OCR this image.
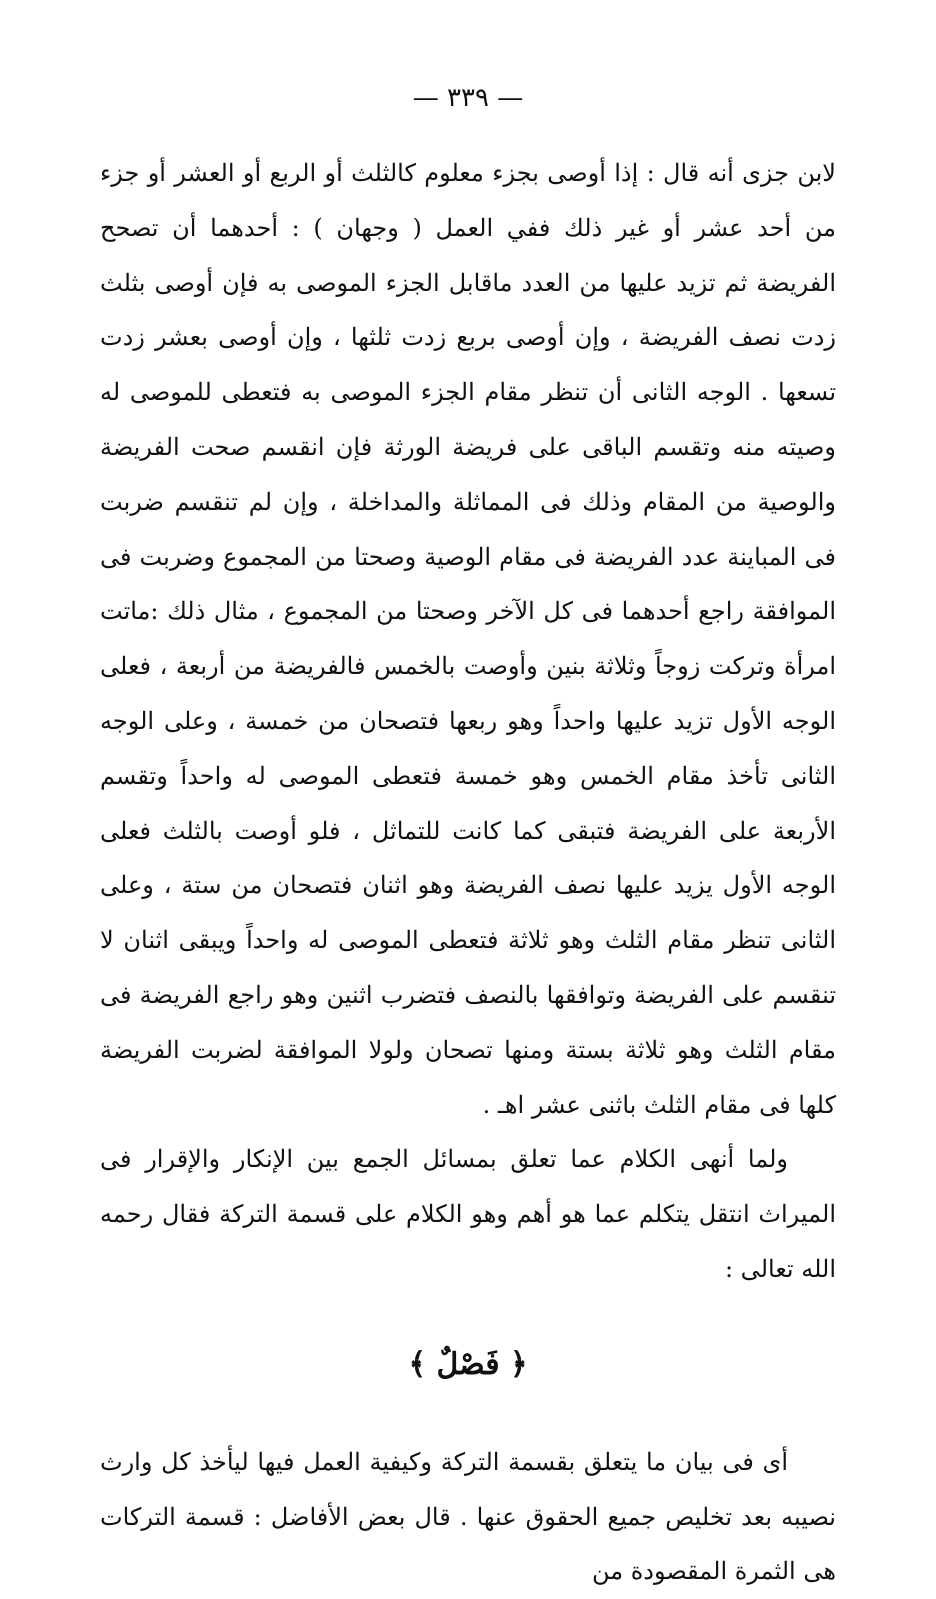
— ٣٣٩ —

لابن جزى أنه قال : إذا أوصى بجزء معلوم كالثلث أو الربع أو العشر أو جزء من أحد عشر أو غير ذلك ففي العمل ( وجهان ) : أحدهما أن تصحح الفريضة ثم تزيد عليها من العدد ماقابل الجزء الموصى به فإن أوصى بثلث زدت نصف الفريضة ، وإن أوصى بربع زدت ثلثها ، وإن أوصى بعشر زدت تسعها . الوجه الثانى أن تنظر مقام الجزء الموصى به فتعطى للموصى له وصيته منه وتقسم الباقى على فريضة الورثة فإن انقسم صحت الفريضة والوصية من المقام وذلك فى المماثلة والمداخلة ، وإن لم تنقسم ضربت فى المباينة عدد الفريضة فى مقام الوصية وصحتا من المجموع وضربت فى الموافقة راجع أحدهما فى كل الآخر وصحتا من المجموع ، مثال ذلك :ماتت امرأة وتركت زوجاً وثلاثة بنين وأوصت بالخمس فالفريضة من أربعة ، فعلى الوجه الأول تزيد عليها واحداً وهو ربعها فتصحان من خمسة ، وعلى الوجه الثانى تأخذ مقام الخمس وهو خمسة فتعطى الموصى له واحداً وتقسم الأربعة على الفريضة فتبقى كما كانت للتماثل ، فلو أوصت بالثلث فعلى الوجه الأول يزيد عليها نصف الفريضة وهو اثنان فتصحان من ستة ، وعلى الثانى تنظر مقام الثلث وهو ثلاثة فتعطى الموصى له واحداً ويبقى اثنان لا تنقسم على الفريضة وتوافقها بالنصف فتضرب اثنين وهو راجع الفريضة فى مقام الثلث وهو ثلاثة بستة ومنها تصحان ولولا الموافقة لضربت الفريضة كلها فى مقام الثلث باثنى عشر اهـ .

ولما أنهى الكلام عما تعلق بمسائل الجمع بين الإنكار والإقرار فى الميراث انتقل يتكلم عما هو أهم وهو الكلام على قسمة التركة فقال رحمه الله تعالى :

﴿ فَصْلٌ ﴾

أى فى بيان ما يتعلق بقسمة التركة وكيفية العمل فيها ليأخذ كل وارث نصيبه بعد تخليص جميع الحقوق عنها . قال بعض الأفاضل : قسمة التركات هى الثمرة المقصودة من
